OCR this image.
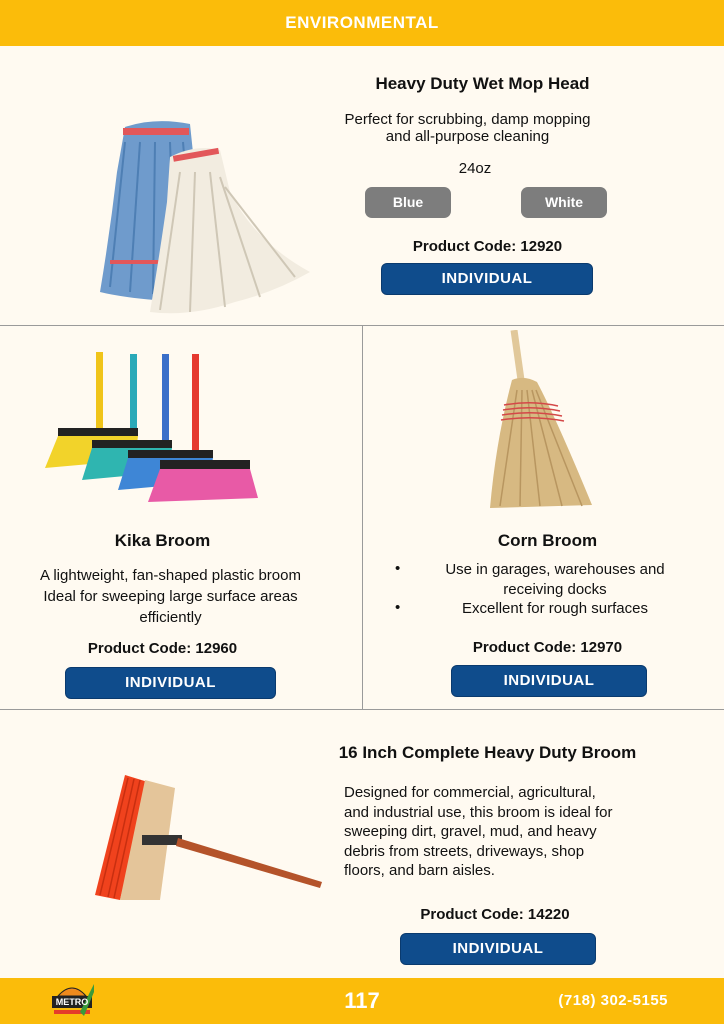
ENVIRONMENTAL
Heavy Duty Wet Mop Head
Perfect for scrubbing, damp mopping
and all-purpose cleaning
24oz
Blue	White
Product Code: 12920
INDIVIDUAL
Kika Broom
A lightweight, fan-shaped plastic broom
Ideal for sweeping large surface areas
efficiently
Product Code: 12960
INDIVIDUAL
Corn Broom
•	Use in garages, warehouses and
receiving docks
•	Excellent for rough surfaces
Product Code: 12970
INDIVIDUAL
16 Inch Complete Heavy Duty Broom
Designed for commercial, agricultural,
and industrial use, this broom is ideal for
sweeping dirt, gravel, mud, and heavy
debris from streets, driveways, shop
floors, and barn aisles.
Product Code: 14220
INDIVIDUAL
METRO	117	(718) 302-5155
